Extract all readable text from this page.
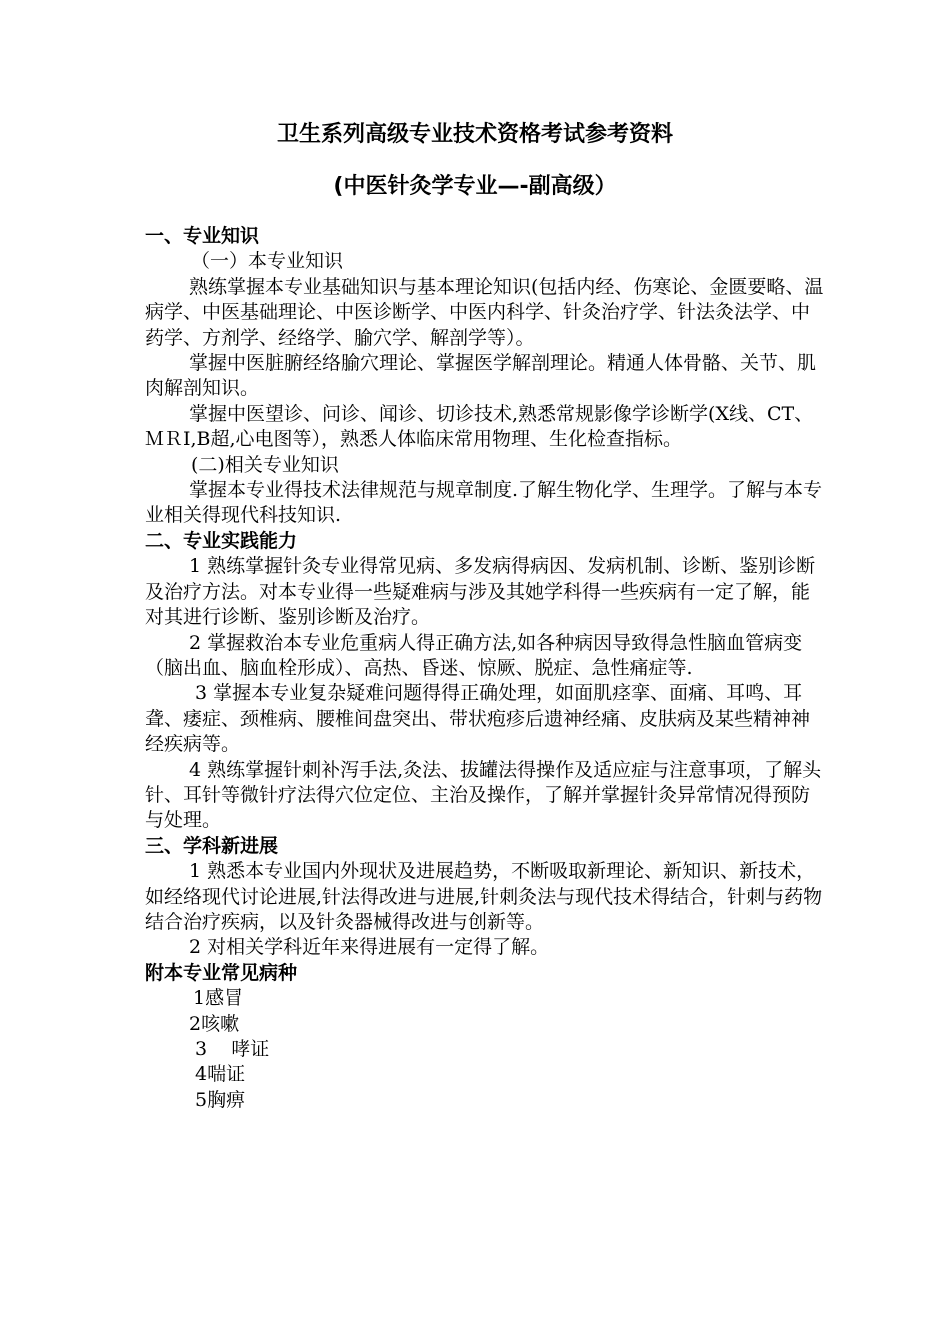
卫生系列高级专业技术资格考试参考资料
(中医针灸学专业—-副高级）

一、专业知识

（一）本专业知识

熟练掌握本专业基础知识与基本理论知识(包括内经、伤寒论、金匮要略、温病学、中医基础理论、中医诊断学、中医内科学、针灸治疗学、针法灸法学、中药学、方剂学、经络学、腧穴学、解剖学等）。

掌握中医脏腑经络腧穴理论、掌握医学解剖理论。精通人体骨骼、关节、肌肉解剖知识。

掌握中医望诊、问诊、闻诊、切诊技术,熟悉常规影像学诊断学(X线、CT、ＭＲI,B超,心电图等），熟悉人体临床常用物理、生化检查指标。

(二)相关专业知识

掌握本专业得技术法律规范与规章制度.了解生物化学、生理学。了解与本专业相关得现代科技知识.

二、专业实践能力

1 熟练掌握针灸专业得常见病、多发病得病因、发病机制、诊断、鉴别诊断及治疗方法。对本专业得一些疑难病与涉及其她学科得一些疾病有一定了解，能对其进行诊断、鉴别诊断及治疗。

2 掌握救治本专业危重病人得正确方法,如各种病因导致得急性脑血管病变（脑出血、脑血栓形成）、高热、昏迷、惊厥、脱症、急性痛症等.

3 掌握本专业复杂疑难问题得得正确处理，如面肌痉挛、面痛、耳鸣、耳聋、痿症、颈椎病、腰椎间盘突出、带状疱疹后遗神经痛、皮肤病及某些精神神经疾病等。

4 熟练掌握针刺补泻手法,灸法、拔罐法得操作及适应症与注意事项，了解头针、耳针等微针疗法得穴位定位、主治及操作，了解并掌握针灸异常情况得预防与处理。

三、学科新进展

1 熟悉本专业国内外现状及进展趋势，不断吸取新理论、新知识、新技术，如经络现代讨论进展,针法得改进与进展,针刺灸法与现代技术得结合，针刺与药物结合治疗疾病，以及针灸器械得改进与创新等。

2 对相关学科近年来得进展有一定得了解。

附本专业常见病种

1感冒
2咳嗽
3    哮证
4喘证
5胸痹
